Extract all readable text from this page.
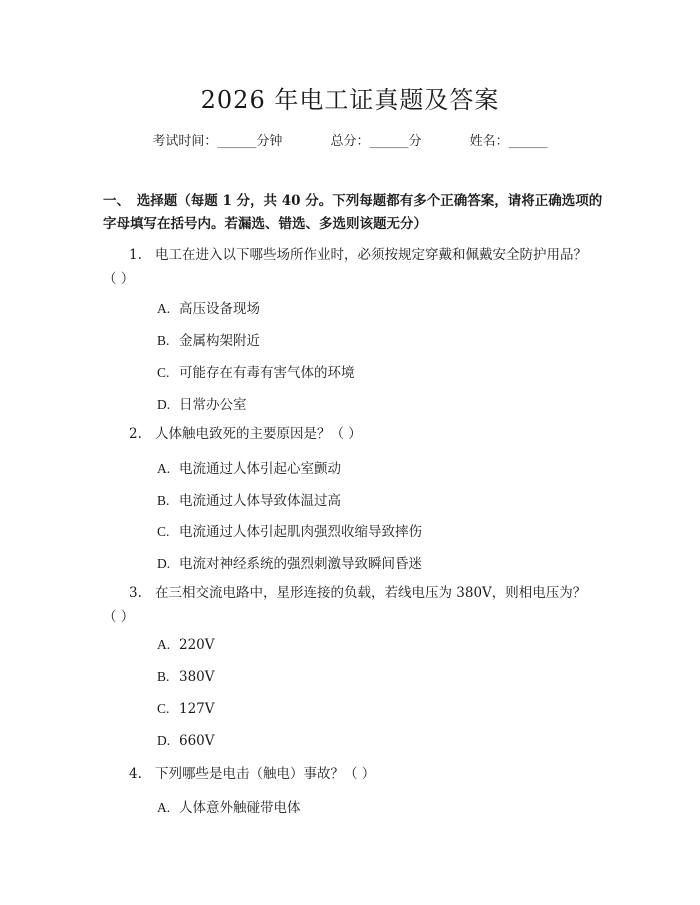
2026 年电工证真题及答案
考试时间：______分钟	总分：______分	姓名：______
一、　选择题（每题 1 分，共 40 分。下列每题都有多个正确答案，请将正确选项的字母填写在括号内。若漏选、错选、多选则该题无分）
1. 电工在进入以下哪些场所作业时，必须按规定穿戴和佩戴安全防护用品？（ ）
A. 高压设备现场
B. 金属构架附近
C. 可能存在有毒有害气体的环境
D. 日常办公室
2. 人体触电致死的主要原因是？（ ）
A. 电流通过人体引起心室颤动
B. 电流通过人体导致体温过高
C. 电流通过人体引起肌肉强烈收缩导致摔伤
D. 电流对神经系统的强烈刺激导致瞬间昏迷
3. 在三相交流电路中，星形连接的负载，若线电压为 380V，则相电压为？（ ）
A. 220V
B. 380V
C. 127V
D. 660V
4. 下列哪些是电击（触电）事故？（ ）
A. 人体意外触碰带电体
